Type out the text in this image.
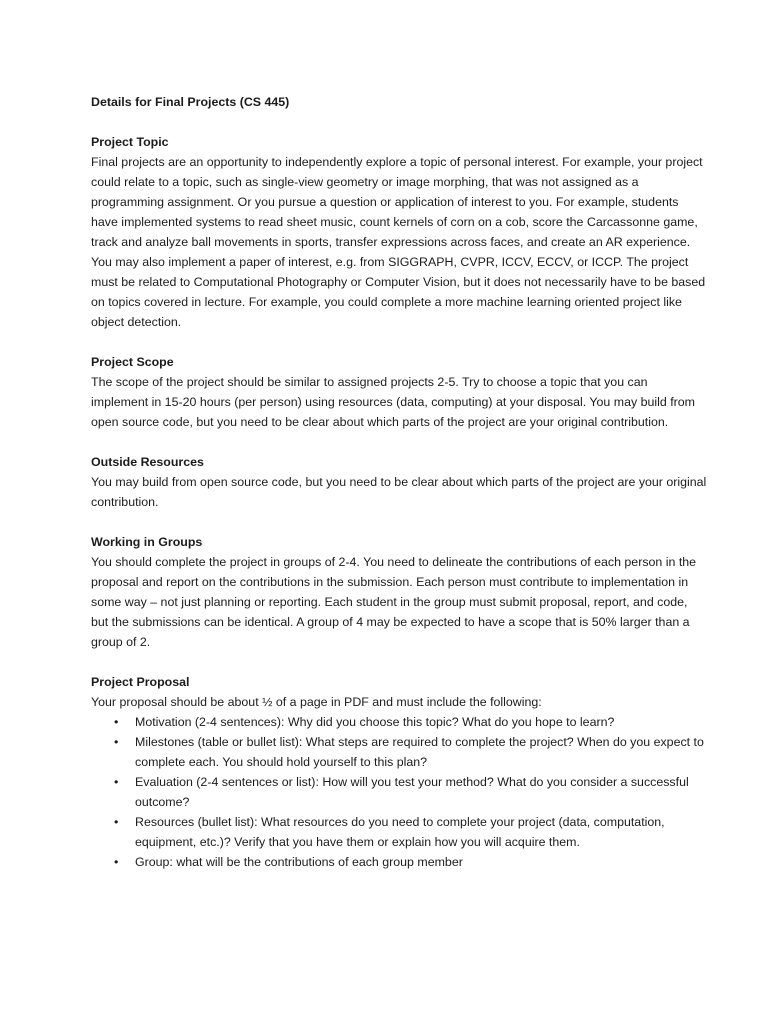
Details for Final Projects (CS 445)
Project Topic

Final projects are an opportunity to independently explore a topic of personal interest. For example, your project could relate to a topic, such as single-view geometry or image morphing, that was not assigned as a programming assignment. Or you pursue a question or application of interest to you. For example, students have implemented systems to read sheet music, count kernels of corn on a cob, score the Carcassonne game, track and analyze ball movements in sports, transfer expressions across faces, and create an AR experience. You may also implement a paper of interest, e.g. from SIGGRAPH, CVPR, ICCV, ECCV, or ICCP. The project must be related to Computational Photography or Computer Vision, but it does not necessarily have to be based on topics covered in lecture. For example, you could complete a more machine learning oriented project like object detection.

Project Scope

The scope of the project should be similar to assigned projects 2-5. Try to choose a topic that you can implement in 15-20 hours (per person) using resources (data, computing) at your disposal. You may build from open source code, but you need to be clear about which parts of the project are your original contribution.

Outside Resources

You may build from open source code, but you need to be clear about which parts of the project are your original contribution.

Working in Groups

You should complete the project in groups of 2-4. You need to delineate the contributions of each person in the proposal and report on the contributions in the submission. Each person must contribute to implementation in some way – not just planning or reporting. Each student in the group must submit proposal, report, and code, but the submissions can be identical. A group of 4 may be expected to have a scope that is 50% larger than a group of 2.

Project Proposal

Your proposal should be about ½ of a page in PDF and must include the following:

• Motivation (2-4 sentences): Why did you choose this topic? What do you hope to learn?
• Milestones (table or bullet list): What steps are required to complete the project? When do you expect to complete each. You should hold yourself to this plan?
• Evaluation (2-4 sentences or list): How will you test your method? What do you consider a successful outcome?
• Resources (bullet list): What resources do you need to complete your project (data, computation, equipment, etc.)? Verify that you have them or explain how you will acquire them.
• Group: what will be the contributions of each group member
